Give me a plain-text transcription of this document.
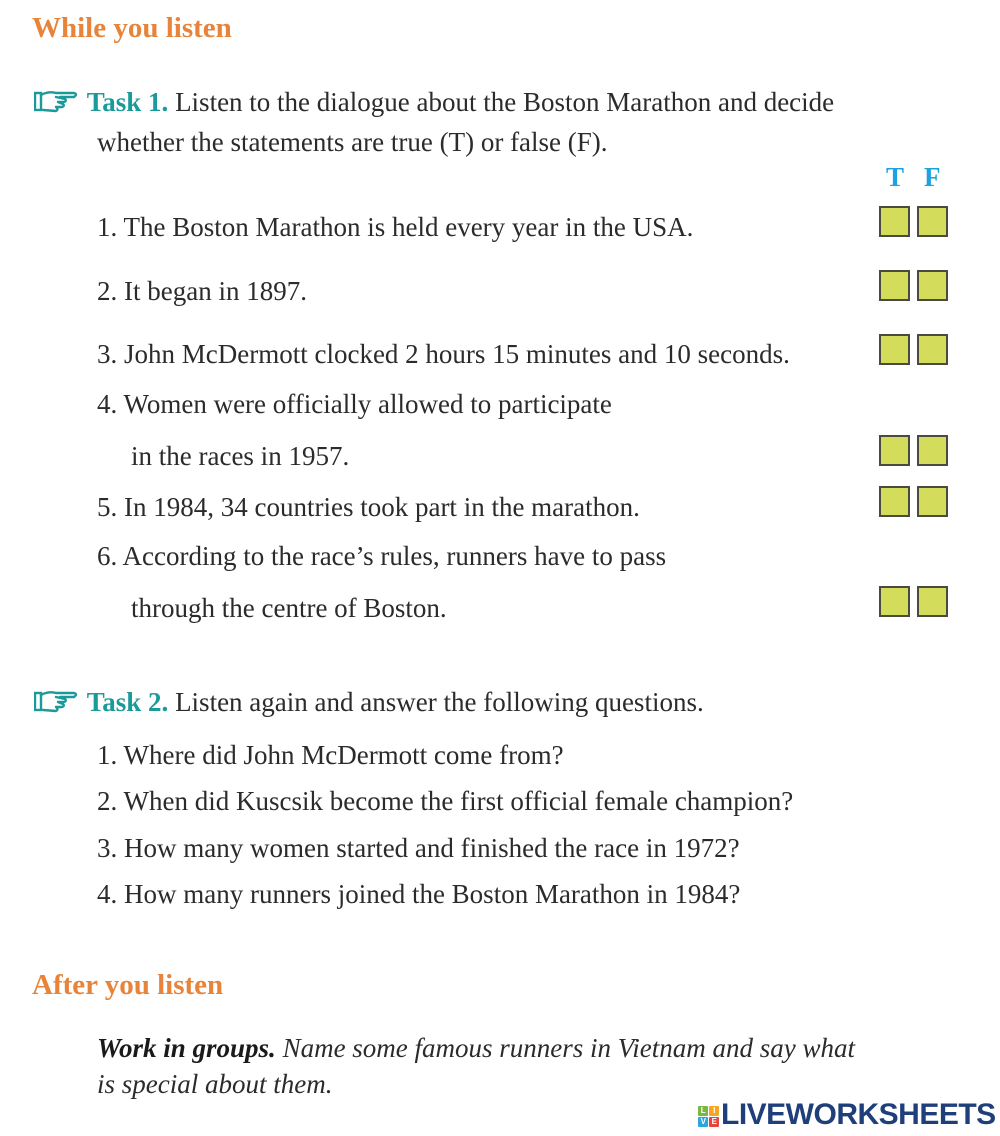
While you listen
Task 1. Listen to the dialogue about the Boston Marathon and decide
whether the statements are true (T) or false (F).
T F
1. The Boston Marathon is held every year in the USA.
2. It began in 1897.
3. John McDermott clocked 2 hours 15 minutes and 10 seconds.
4. Women were officially allowed to participate
in the races in 1957.
5. In 1984, 34 countries took part in the marathon.
6. According to the race’s rules, runners have to pass
through the centre of Boston.
Task 2. Listen again and answer the following questions.
1. Where did John McDermott come from?
2. When did Kuscsik become the first official female champion?
3. How many women started and finished the race in 1972?
4. How many runners joined the Boston Marathon in 1984?
After you listen
Work in groups. Name some famous runners in Vietnam and say what
is special about them.
L I
V E LIVEWORKSHEETS
